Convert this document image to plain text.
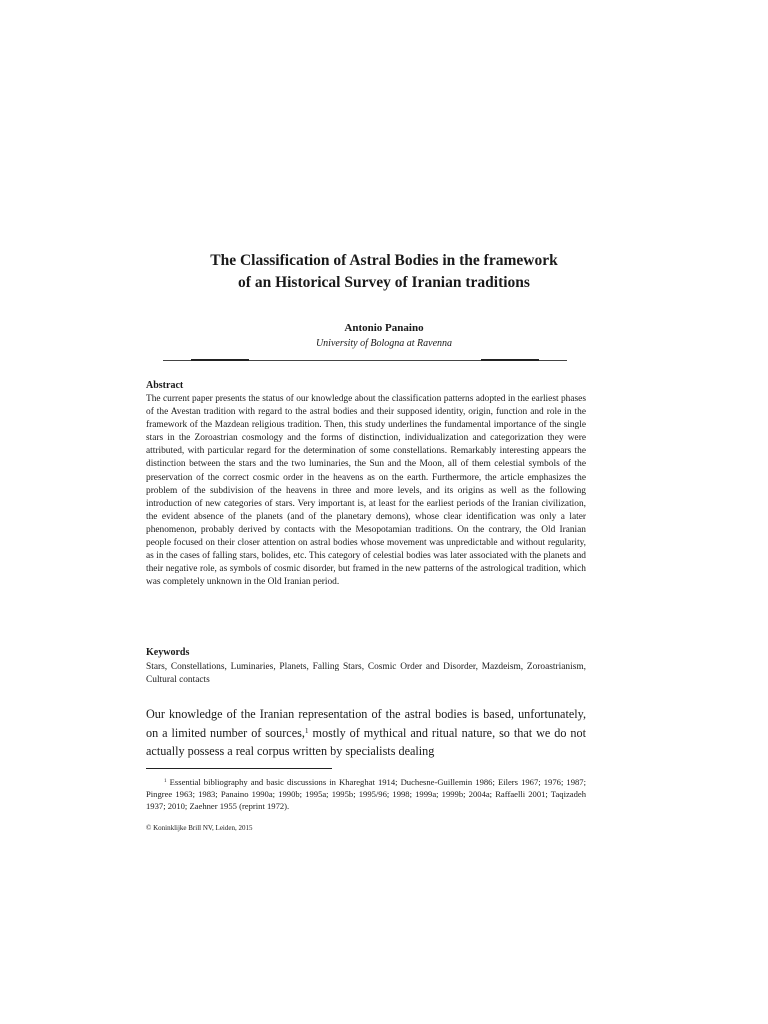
The Classification of Astral Bodies in the framework
of an Historical Survey of Iranian traditions
Antonio Panaino
University of Bologna at Ravenna
Abstract
The current paper presents the status of our knowledge about the classification patterns adopted in the earliest phases of the Avestan tradition with regard to the astral bodies and their supposed identity, origin, function and role in the framework of the Mazdean religious tradition. Then, this study underlines the fundamental importance of the single stars in the Zoroastrian cosmology and the forms of distinction, individualization and categorization they were attributed, with particular regard for the determination of some constellations. Remarkably interesting appears the distinction between the stars and the two luminaries, the Sun and the Moon, all of them celestial symbols of the preservation of the correct cosmic order in the heavens as on the earth. Furthermore, the article emphasizes the problem of the subdivision of the heavens in three and more levels, and its origins as well as the following introduction of new categories of stars. Very important is, at least for the earliest periods of the Iranian civilization, the evident absence of the planets (and of the planetary demons), whose clear identification was only a later phenomenon, probably derived by contacts with the Mesopotamian traditions. On the contrary, the Old Iranian people focused on their closer attention on astral bodies whose movement was unpredictable and without regularity, as in the cases of falling stars, bolides, etc. This category of celestial bodies was later associated with the planets and their negative role, as symbols of cosmic disorder, but framed in the new patterns of the astrological tradition, which was completely unknown in the Old Iranian period.
Keywords
Stars, Constellations, Luminaries, Planets, Falling Stars, Cosmic Order and Disorder, Mazdeism, Zoroastrianism, Cultural contacts
Our knowledge of the Iranian representation of the astral bodies is based, unfortunately, on a limited number of sources,$^1$ mostly of mythical and ritual nature, so that we do not actually possess a real corpus written by specialists dealing
$^1$ Essential bibliography and basic discussions in Khareghat 1914; Duchesne-Guillemin 1986; Eilers 1967; 1976; 1987; Pingree 1963; 1983; Panaino 1990a; 1990b; 1995a; 1995b; 1995/96; 1998; 1999a; 1999b; 2004a; Raffaelli 2001; Taqizadeh 1937; 2010; Zaehner 1955 (reprint 1972).
© Koninklijke Brill NV, Leiden, 2015
